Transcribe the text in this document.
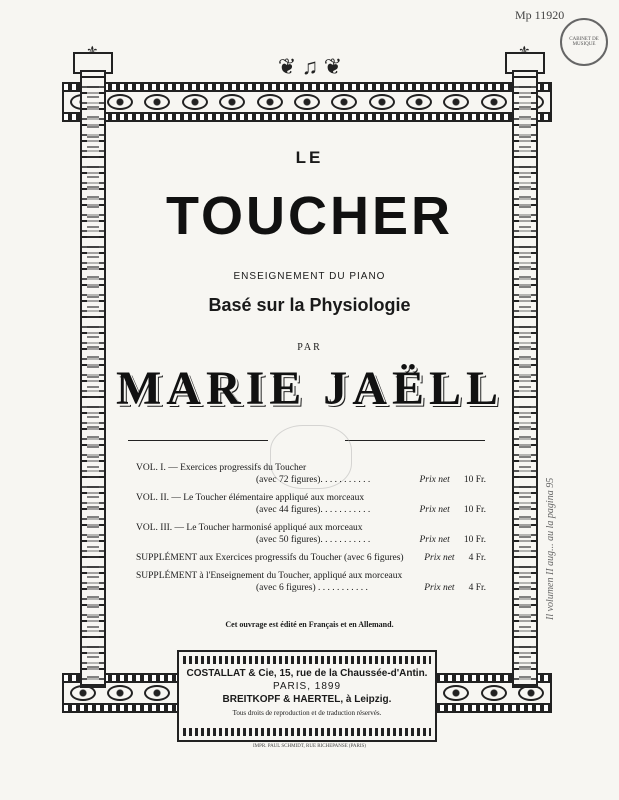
Mp 11920
CABINET DE MUSIQUE
Il volumen II aug... au la pagina 95
❦ ♫ ❦
LE
TOUCHER
ENSEIGNEMENT DU PIANO
Basé sur la Physiologie
PAR
MARIE JAËLL
VOL. I. — Exercices progressifs du Toucher
(avec 72 figures). . . . . . . . . . .	Prix net 10 Fr.
VOL. II. — Le Toucher élémentaire appliqué aux morceaux
(avec 44 figures). . . . . . . . . . .	Prix net 10 Fr.
VOL. III. — Le Toucher harmonisé appliqué aux morceaux
(avec 50 figures). . . . . . . . . . .	Prix net 10 Fr.
SUPPLÉMENT aux Exercices progressifs du Toucher (avec 6 figures)	Prix net 4 Fr.
SUPPLÉMENT à l'Enseignement du Toucher, appliqué aux morceaux
(avec 6 figures) . . . . . . . . . . .	Prix net 4 Fr.
Cet ouvrage est édité en Français et en Allemand.
COSTALLAT & Cie, 15, rue de la Chaussée-d'Antin.
PARIS, 1899
BREITKOPF & HAERTEL, à Leipzig.
Tous droits de reproduction et de traduction réservés.
IMPR. PAUL SCHMIDT, RUE RICHEPANSE (PARIS)
